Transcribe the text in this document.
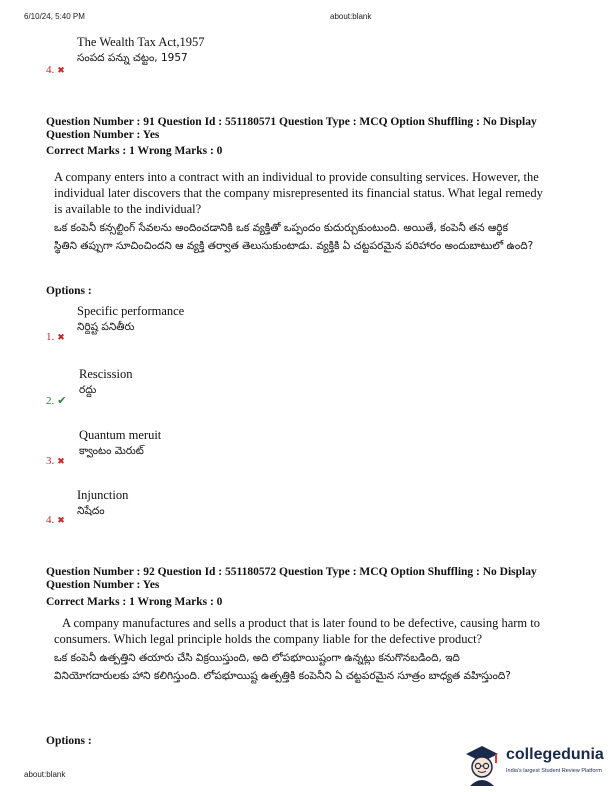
6/10/24, 5:40 PM	about:blank
The Wealth Tax Act,1957
సంపద పన్ను చట్టం, 1957
4. ✖
Question Number : 91 Question Id : 551180571 Question Type : MCQ Option Shuffling : No Display
Question Number : Yes
Correct Marks : 1 Wrong Marks : 0

A company enters into a contract with an individual to provide consulting services. However, the individual later discovers that the company misrepresented its financial status. What legal remedy is available to the individual?

ఒక కంపెనీ కన్సల్టింగ్ సేవలను అందించడానికి ఒక వ్యక్తితో ఒప్పందం కుదుర్చుకుంటుంది. అయితే, కంపెనీ తన ఆర్థిక స్థితిని తప్పుగా సూచించిందని ఆ వ్యక్తి తర్వాత తెలుసుకుంటాడు. వ్యక్తికి ఏ చట్టపరమైన పరిహారం అందుబాటులో ఉంది?

Options :
Specific performance
నిర్దిష్ట పనితీరు
1. ✖
Rescission
రద్దు
2. ✔
Quantum meruit
క్వాంటం మెరుట్
3. ✖
Injunction
నిషేదం
4. ✖
Question Number : 92 Question Id : 551180572 Question Type : MCQ Option Shuffling : No Display
Question Number : Yes
Correct Marks : 1 Wrong Marks : 0

A company manufactures and sells a product that is later found to be defective, causing harm to consumers. Which legal principle holds the company liable for the defective product?

ఒక కంపెనీ ఉత్పత్తిని తయారు చేసి విక్రయిస్తుంది, అది లోపభూయిష్టంగా ఉన్నట్లు కనుగొనబడింది, ఇది వినియోగదారులకు హాని కలిగిస్తుంది. లోపభూయిష్ట ఉత్పత్తికి కంపెనీని ఏ చట్టపరమైన సూత్రం బాధ్యత వహిస్తుంది?

Options :
about:blank
collegedunia
India's largest Student Review Platform
